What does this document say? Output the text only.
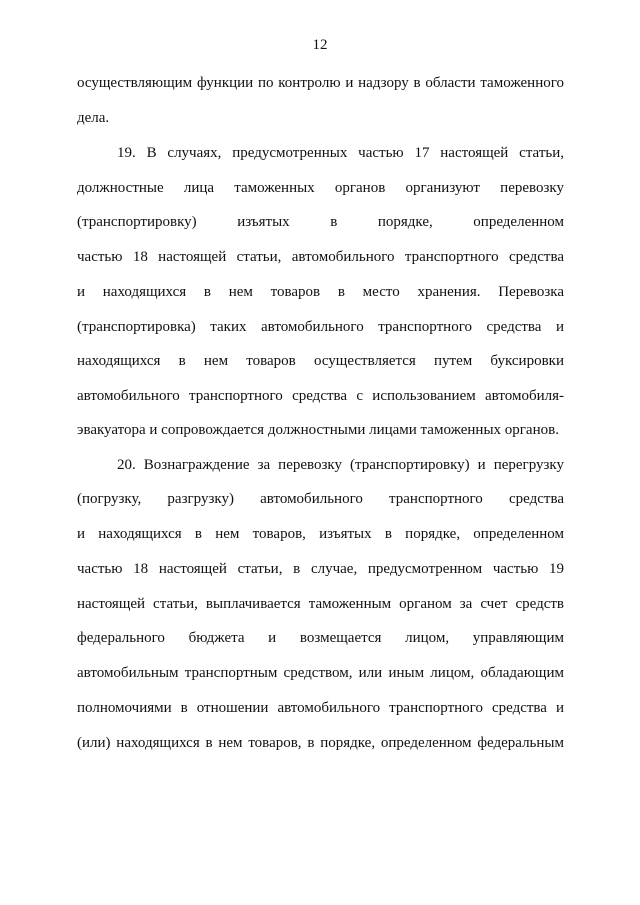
12
осуществляющим функции по контролю и надзору в области таможенного
дела.
19. В случаях, предусмотренных частью 17 настоящей статьи,
должностные лица таможенных органов организуют перевозку
(транспортировку) изъятых в порядке, определенном
частью 18 настоящей статьи, автомобильного транспортного средства
и находящихся в нем товаров в место хранения. Перевозка
(транспортировка) таких автомобильного транспортного средства и
находящихся в нем товаров осуществляется путем буксировки
автомобильного транспортного средства с использованием автомобиля-
эвакуатора и сопровождается должностными лицами таможенных органов.
20. Вознаграждение за перевозку (транспортировку) и перегрузку
(погрузку, разгрузку) автомобильного транспортного средства
и находящихся в нем товаров, изъятых в порядке, определенном
частью 18 настоящей статьи, в случае, предусмотренном частью 19
настоящей статьи, выплачивается таможенным органом за счет средств
федерального бюджета и возмещается лицом, управляющим
автомобильным транспортным средством, или иным лицом, обладающим
полномочиями в отношении автомобильного транспортного средства и
(или) находящихся в нем товаров, в порядке, определенном федеральным
